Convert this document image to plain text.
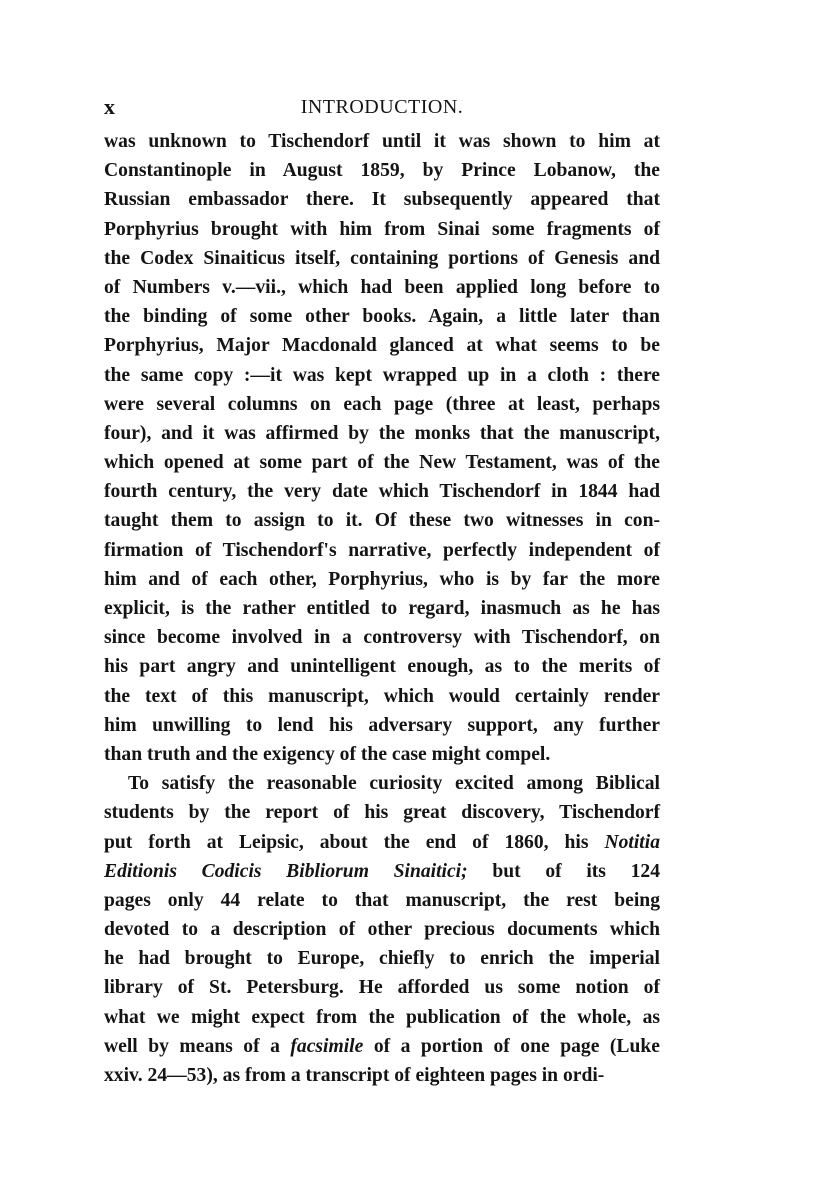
x	INTRODUCTION.
was unknown to Tischendorf until it was shown to him at
Constantinople in August 1859, by Prince Lobanow, the
Russian embassador there. It subsequently appeared that
Porphyrius brought with him from Sinai some fragments of
the Codex Sinaiticus itself, containing portions of Genesis and
of Numbers v.—vii., which had been applied long before to
the binding of some other books. Again, a little later than
Porphyrius, Major Macdonald glanced at what seems to be
the same copy :—it was kept wrapped up in a cloth : there
were several columns on each page (three at least, perhaps
four), and it was affirmed by the monks that the manuscript,
which opened at some part of the New Testament, was of the
fourth century, the very date which Tischendorf in 1844 had
taught them to assign to it. Of these two witnesses in con-
firmation of Tischendorf's narrative, perfectly independent of
him and of each other, Porphyrius, who is by far the more
explicit, is the rather entitled to regard, inasmuch as he has
since become involved in a controversy with Tischendorf, on
his part angry and unintelligent enough, as to the merits of
the text of this manuscript, which would certainly render
him unwilling to lend his adversary support, any further
than truth and the exigency of the case might compel.
To satisfy the reasonable curiosity excited among Biblical
students by the report of his great discovery, Tischendorf
put forth at Leipsic, about the end of 1860, his Notitia
Editionis Codicis Bibliorum Sinaitici; but of its 124
pages only 44 relate to that manuscript, the rest being
devoted to a description of other precious documents which
he had brought to Europe, chiefly to enrich the imperial
library of St. Petersburg. He afforded us some notion of
what we might expect from the publication of the whole, as
well by means of a facsimile of a portion of one page (Luke
xxiv. 24—53), as from a transcript of eighteen pages in ordi-
